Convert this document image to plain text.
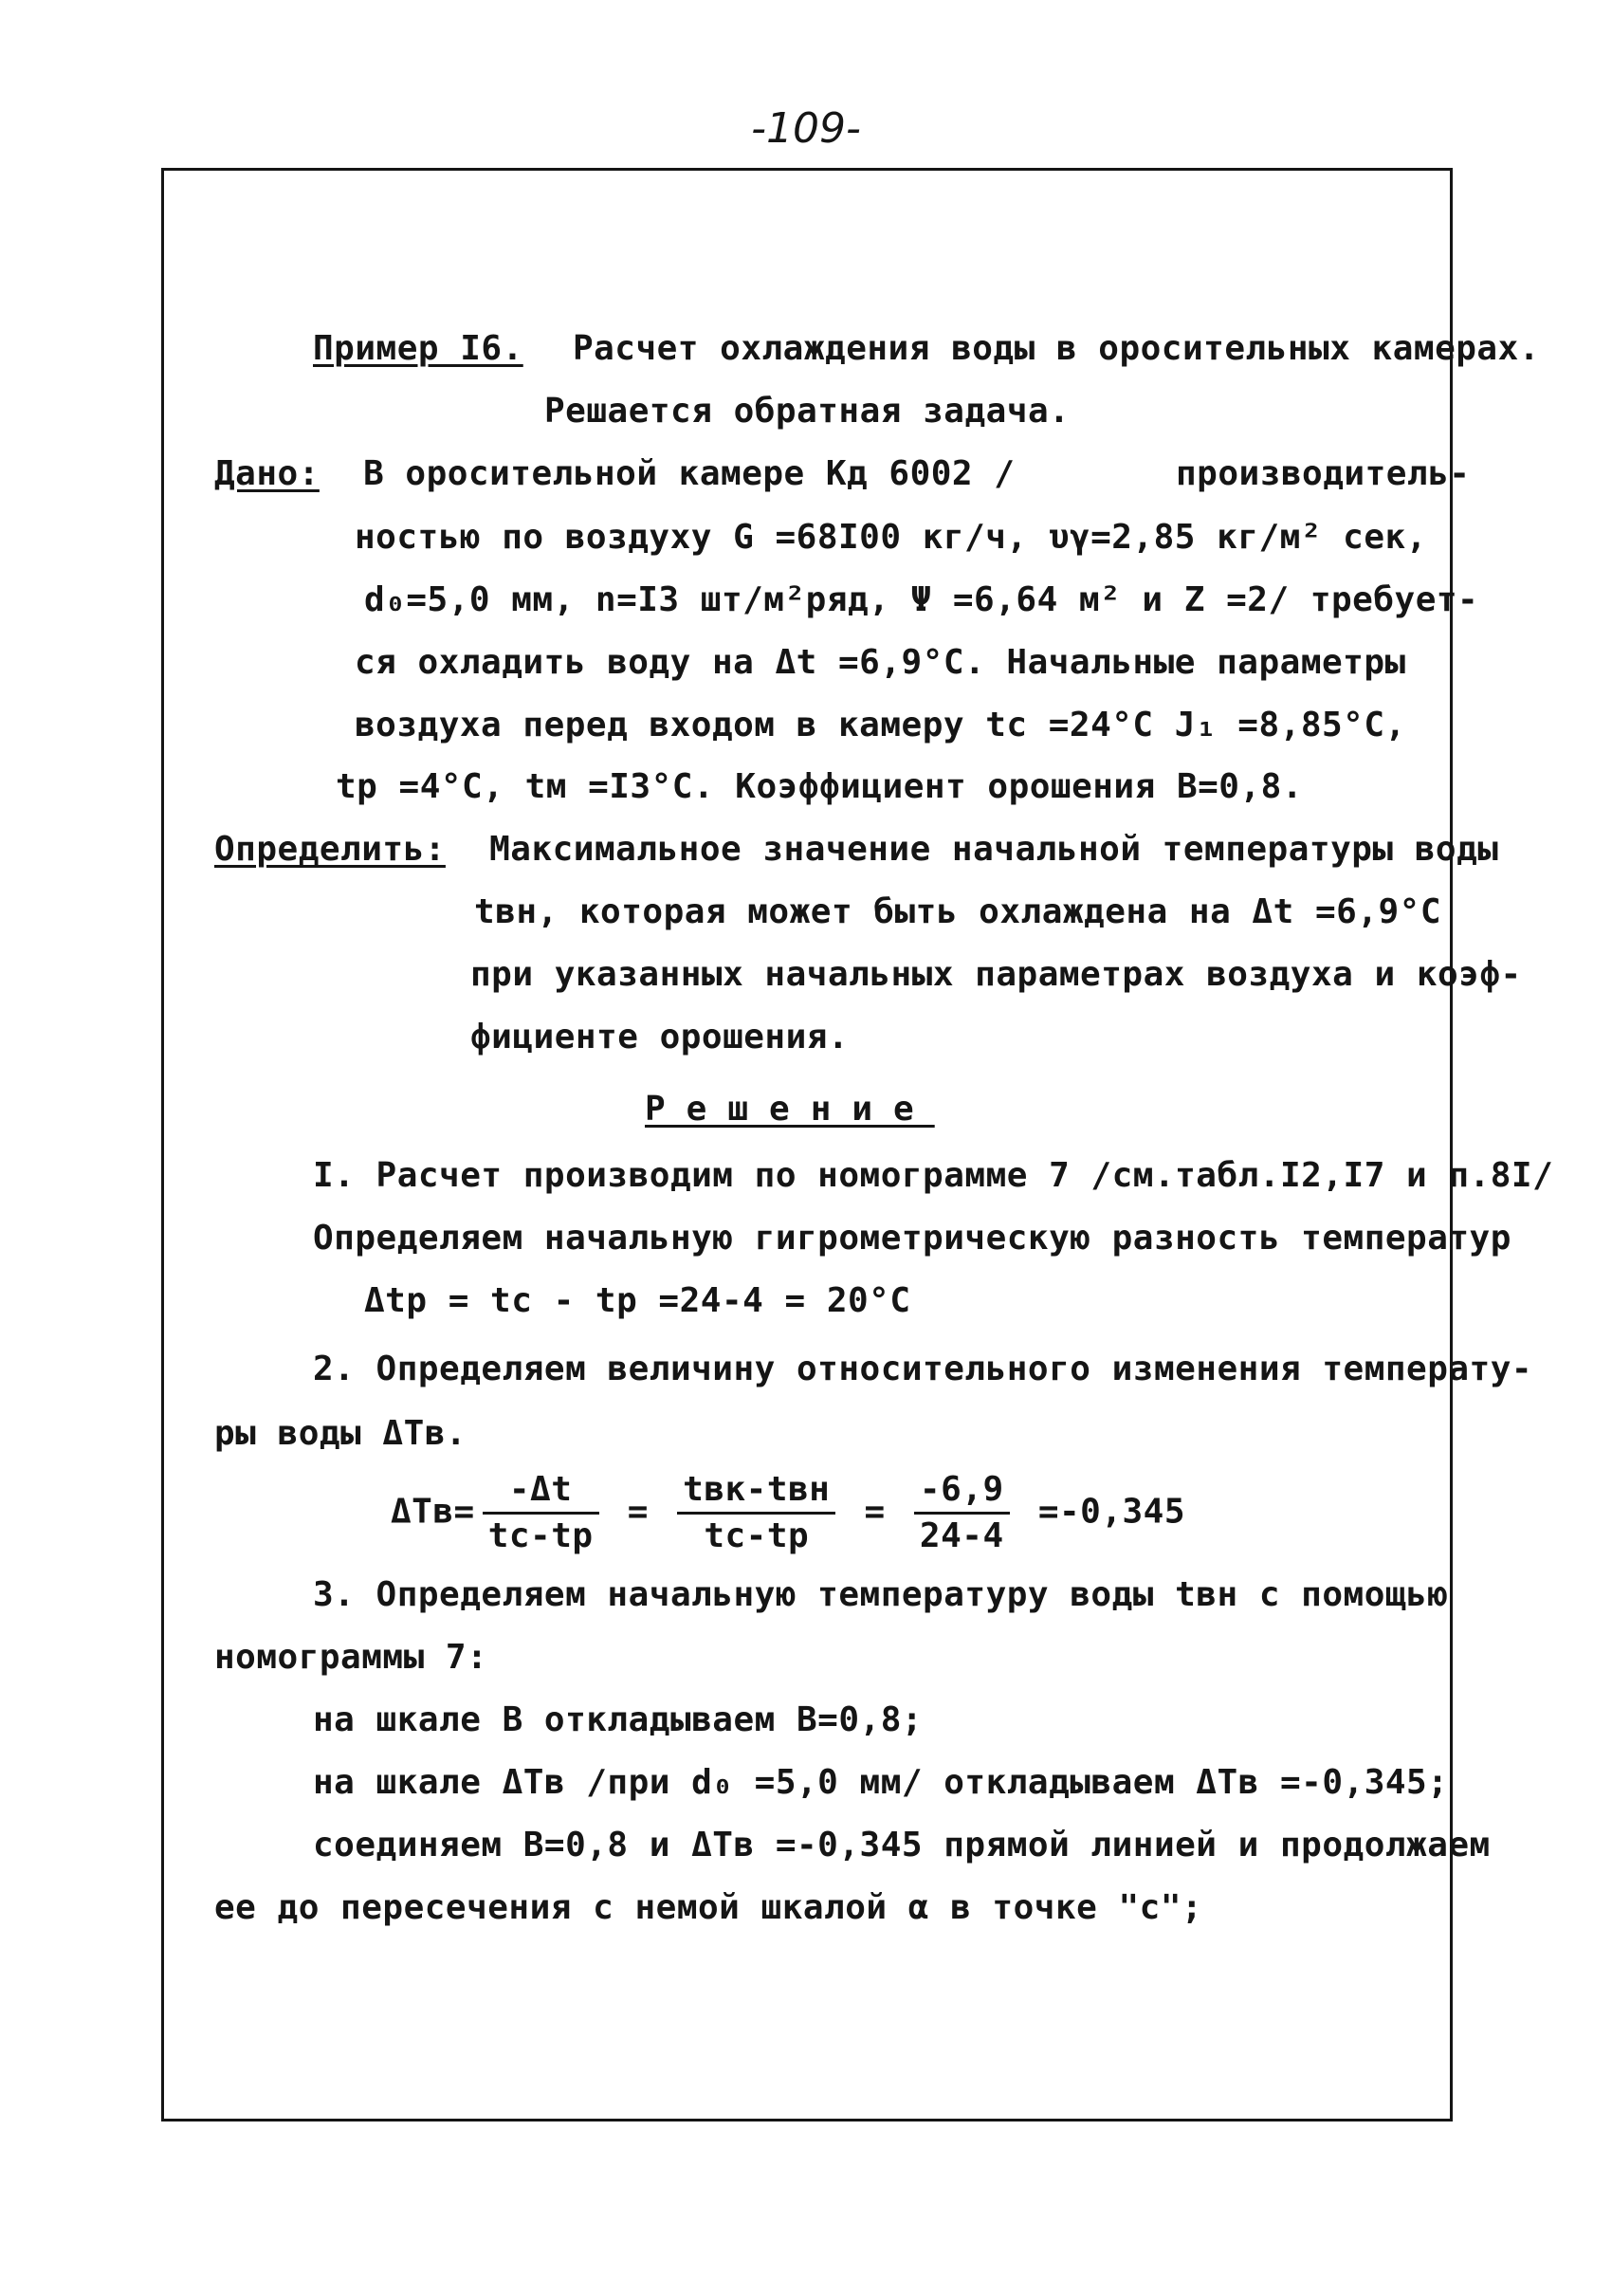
-109-
Пример I6. Расчет охлаждения воды в оросительных камерах.
Решается обратная задача.
Дано: В оросительной камере Кд 6002 /	производитель-
ностью по воздуху G =68I00 кг/ч, υγ=2,85 кг/м² сек,
d₀=5,0 мм, n=I3 шт/м²ряд, Ψ =6,64 м² и Z =2/ требует-
ся охладить воду на Δt =6,9°C. Начальные параметры
воздуха перед входом в камеру tc =24°C J₁ =8,85°C,
tр =4°C, tм =I3°C. Коэффициент орошения В=0,8.
Определить: Максимальное значение начальной температуры воды
tвн, которая может быть охлаждена на Δt =6,9°C
при указанных начальных параметрах воздуха и коэф-
фициенте орошения.
Решение
I. Расчет производим по номограмме 7 /см.табл.I2,I7 и п.8I/
Определяем начальную гигрометрическую разность температур
Δtр = tc - tр =24-4 = 20°C
2. Определяем величину относительного изменения температу-
ры воды ΔTв.
$\Delta Tв= \frac{-\Delta t}{tc-tр} = \frac{\text{tвк-tвн}}{tc-tр} = \frac{-6,9}{24-4} =-0,345$
3. Определяем начальную температуру воды tвн с помощью
номограммы 7:
на шкале В откладываем В=0,8;
на шкале ΔTв /при d₀ =5,0 мм/ откладываем ΔTв =-0,345;
соединяем В=0,8 и ΔTв =-0,345 прямой линией и продолжаем
ее до пересечения с немой шкалой α в точке "с";
